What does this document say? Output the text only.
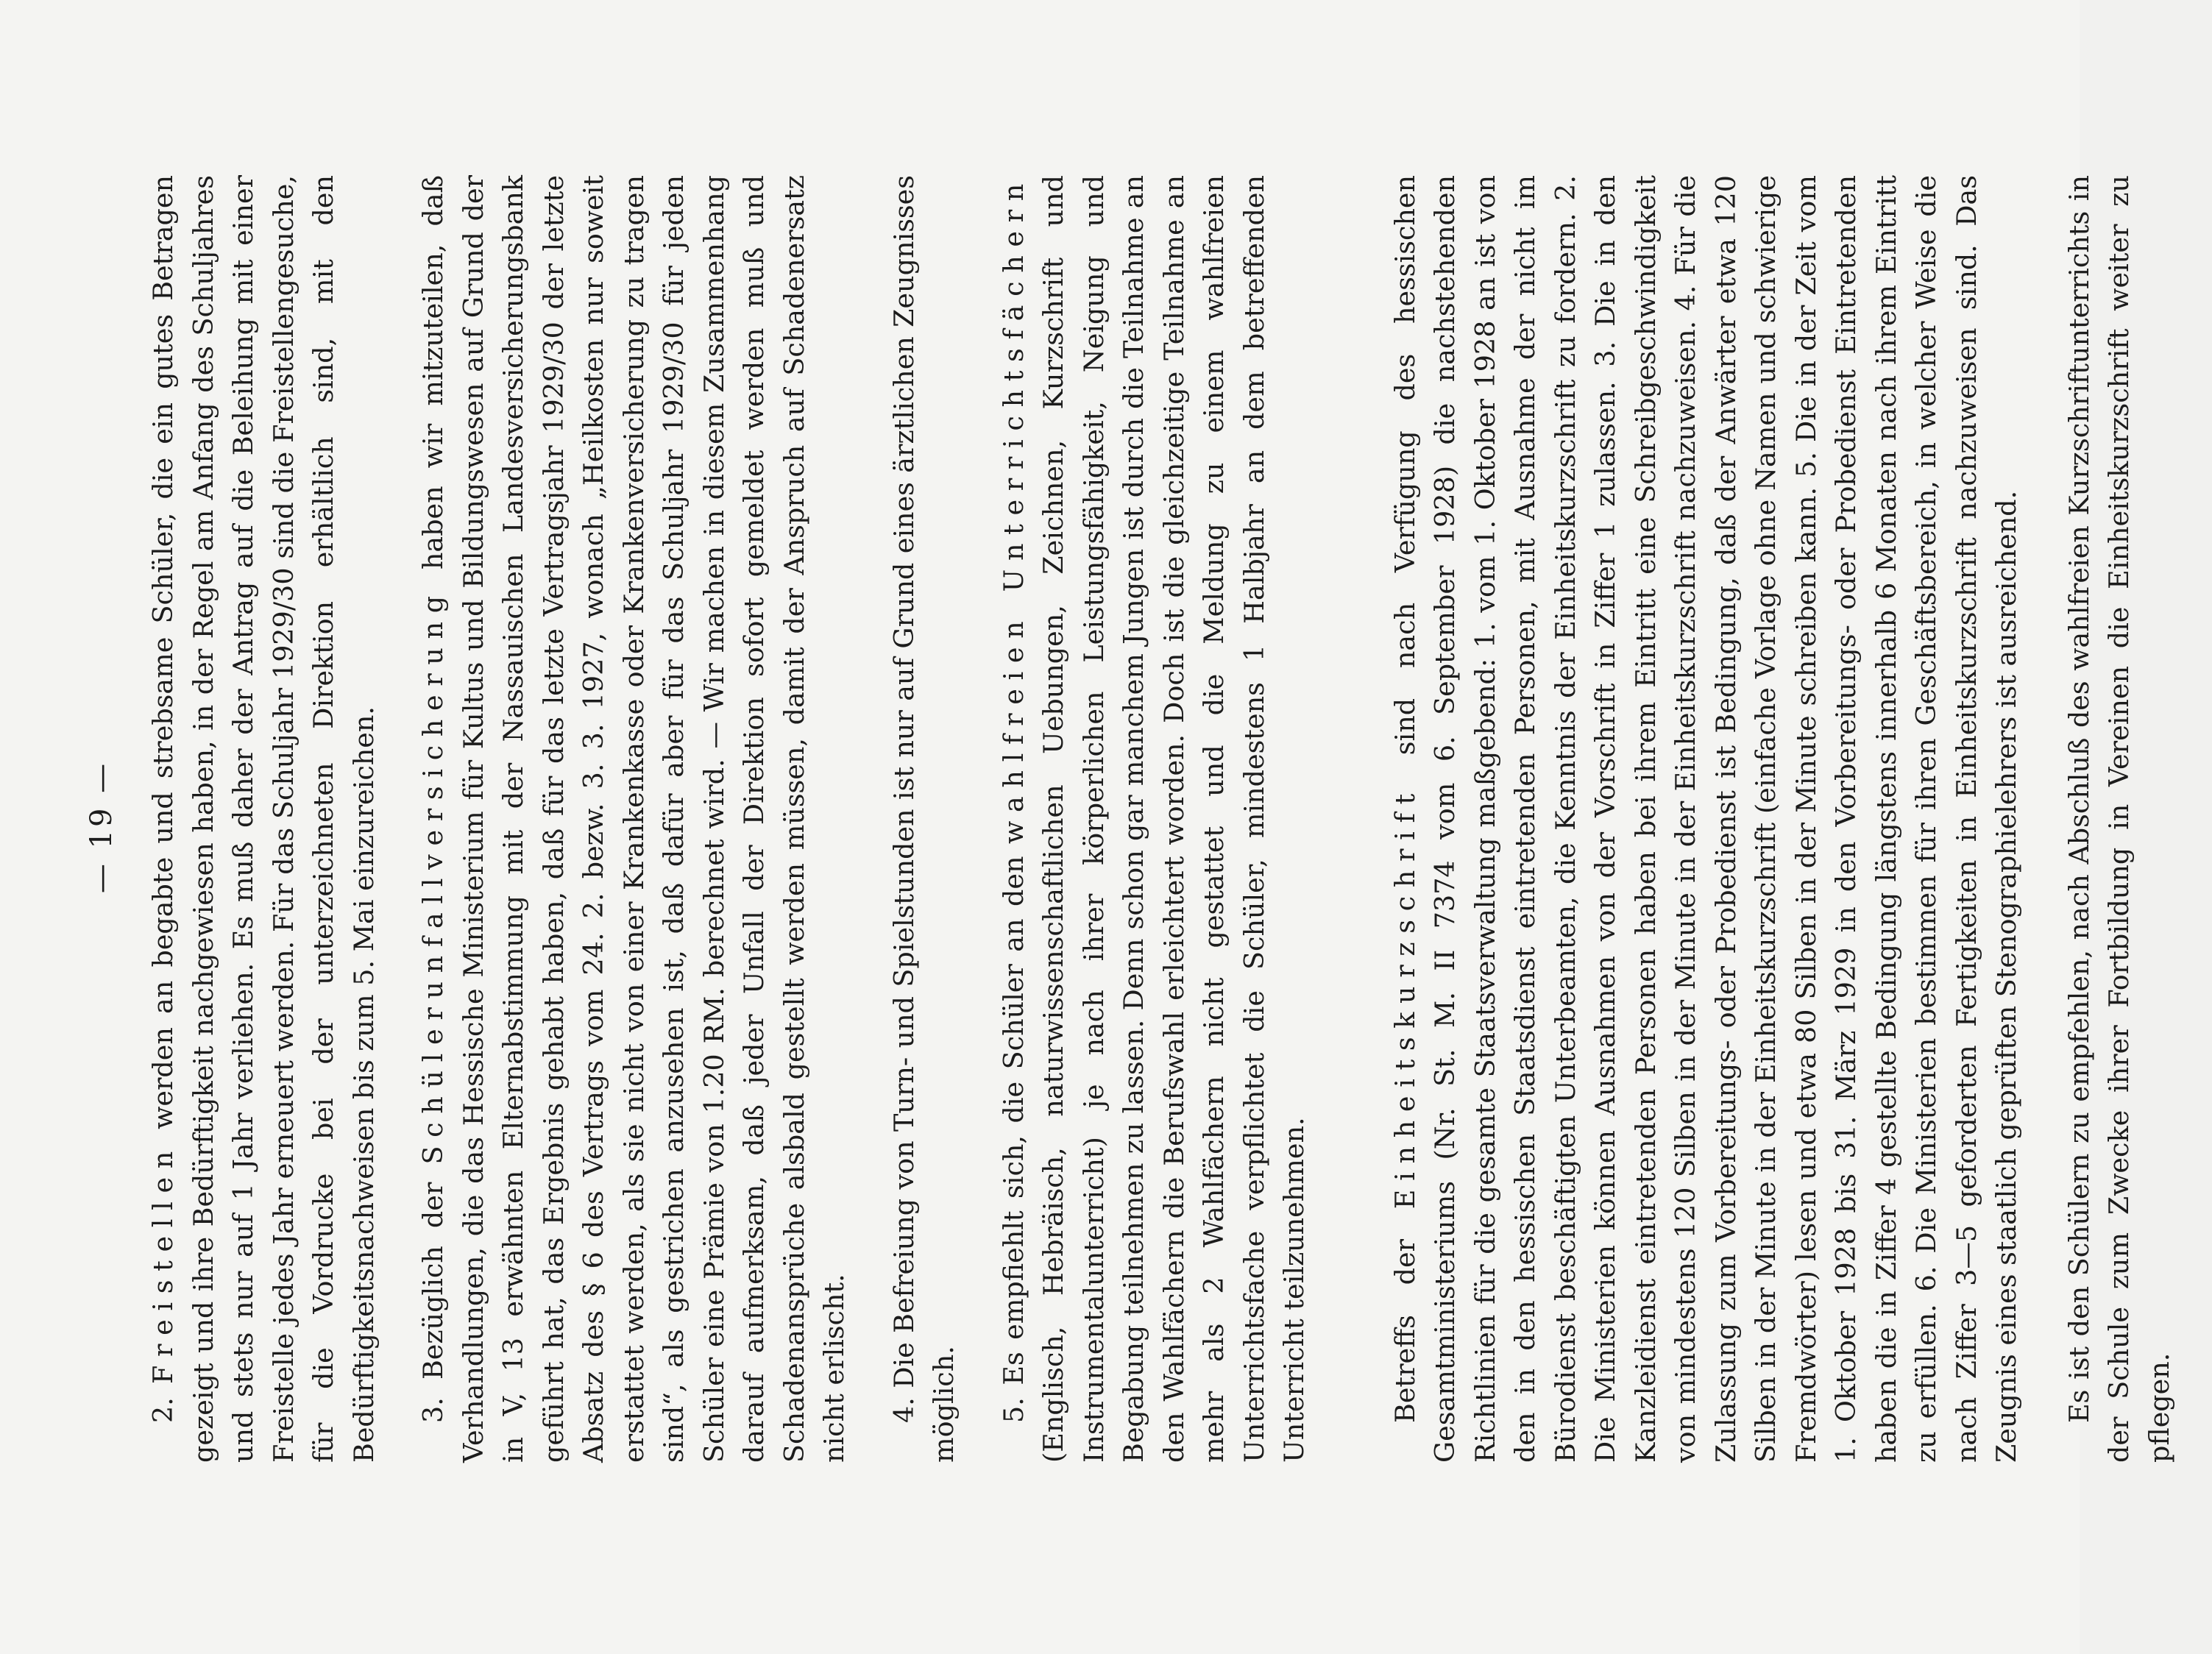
— 19 —

2. Freistellen werden an begabte und strebsame Schüler, die ein gutes Betragen gezeigt und ihre Bedürftigkeit nachgewiesen haben, in der Regel am Anfang des Schuljahres und stets nur auf 1 Jahr verliehen. Es muß daher der Antrag auf die Beleihung mit einer Freistelle jedes Jahr erneuert werden. Für das Schuljahr 1929/30 sind die Freistellengesuche, für die Vordrucke bei der unterzeichneten Direktion erhältlich sind, mit den Bedürftigkeitsnachweisen bis zum 5. Mai einzureichen. 3. Bezüglich der Schülerunfallversicherung haben wir mitzuteilen, daß Verhandlungen, die das Hessische Ministerium für Kultus und Bildungswesen auf Grund der in V, 13 erwähnten Elternabstimmung mit der Nassauischen Landesversicherungsbank geführt hat, das Ergebnis gehabt haben, daß für das letzte Vertragsjahr 1929/30 der letzte Absatz des § 6 des Vertrags vom 24. 2. bezw. 3. 3. 1927, wonach „Heilkosten nur soweit erstattet werden, als sie nicht von einer Krankenkasse oder Krankenversicherung zu tragen sind“, als gestrichen anzusehen ist, daß dafür aber für das Schuljahr 1929/30 für jeden Schüler eine Prämie von 1.20 RM. berechnet wird. — Wir machen in diesem Zusammenhang darauf aufmerksam, daß jeder Unfall der Direktion sofort gemeldet werden muß und Schadenansprüche alsbald gestellt werden müssen, damit der Anspruch auf Schadenersatz nicht erlischt. 4. Die Befreiung von Turn- und Spielstunden ist nur auf Grund eines ärztlichen Zeugnisses möglich. 5. Es empfiehlt sich, die Schüler an den wahlfreien Unterrichtsfächern (Englisch, Hebräisch, naturwissenschaftlichen Uebungen, Zeichnen, Kurzschrift und Instrumentalunterricht) je nach ihrer körperlichen Leistungsfähigkeit, Neigung und Begabung teilnehmen zu lassen. Denn schon gar manchem Jungen ist durch die Teilnahme an den Wahlfächern die Berufswahl erleichtert worden. Doch ist die gleichzeitige Teilnahme an mehr als 2 Wahlfächern nicht gestattet und die Meldung zu einem wahlfreien Unterrichtsfache verpflichtet die Schüler, mindestens 1 Halbjahr an dem betreffenden Unterricht teilzunehmen.	Betreffs der Einheitskurzschrift sind nach Verfügung des hessischen Gesamtministeriums (Nr. St. M. II 7374 vom 6. September 1928) die nachstehenden Richtlinien für die gesamte Staatsverwaltung maßgebend: 1. vom 1. Oktober 1928 an ist von den in den hessischen Staatsdienst eintretenden Personen, mit Ausnahme der nicht im Bürodienst beschäftigten Unterbeamten, die Kenntnis der Einheitskurzschrift zu fordern. 2. Die Ministerien können Ausnahmen von der Vorschrift in Ziffer 1 zulassen. 3. Die in den Kanzleidienst eintretenden Personen haben bei ihrem Eintritt eine Schreibgeschwindigkeit von mindestens 120 Silben in der Minute in der Einheitskurzschrift nachzuweisen. 4. Für die Zulassung zum Vorbereitungs- oder Probedienst ist Bedingung, daß der Anwärter etwa 120 Silben in der Minute in der Einheitskurzschrift (einfache Vorlage ohne Namen und schwierige Fremdwörter) lesen und etwa 80 Silben in der Minute schreiben kann. 5. Die in der Zeit vom 1. Oktober 1928 bis 31. März 1929 in den Vorbereitungs- oder Probedienst Eintretenden haben die in Ziffer 4 gestellte Bedingung längstens innerhalb 6 Monaten nach ihrem Eintritt zu erfüllen. 6. Die Ministerien bestimmen für ihren Geschäftsbereich, in welcher Weise die nach Ziffer 3—5 geforderten Fertigkeiten in Einheitskurzschrift nachzuweisen sind. Das Zeugnis eines staatlich geprüften Stenographielehrers ist ausreichend. Es ist den Schülern zu empfehlen, nach Abschluß des wahlfreien Kurzschriftunterrichts in der Schule zum Zwecke ihrer Fortbildung in Vereinen die Einheitskurzschrift weiter zu pflegen.
